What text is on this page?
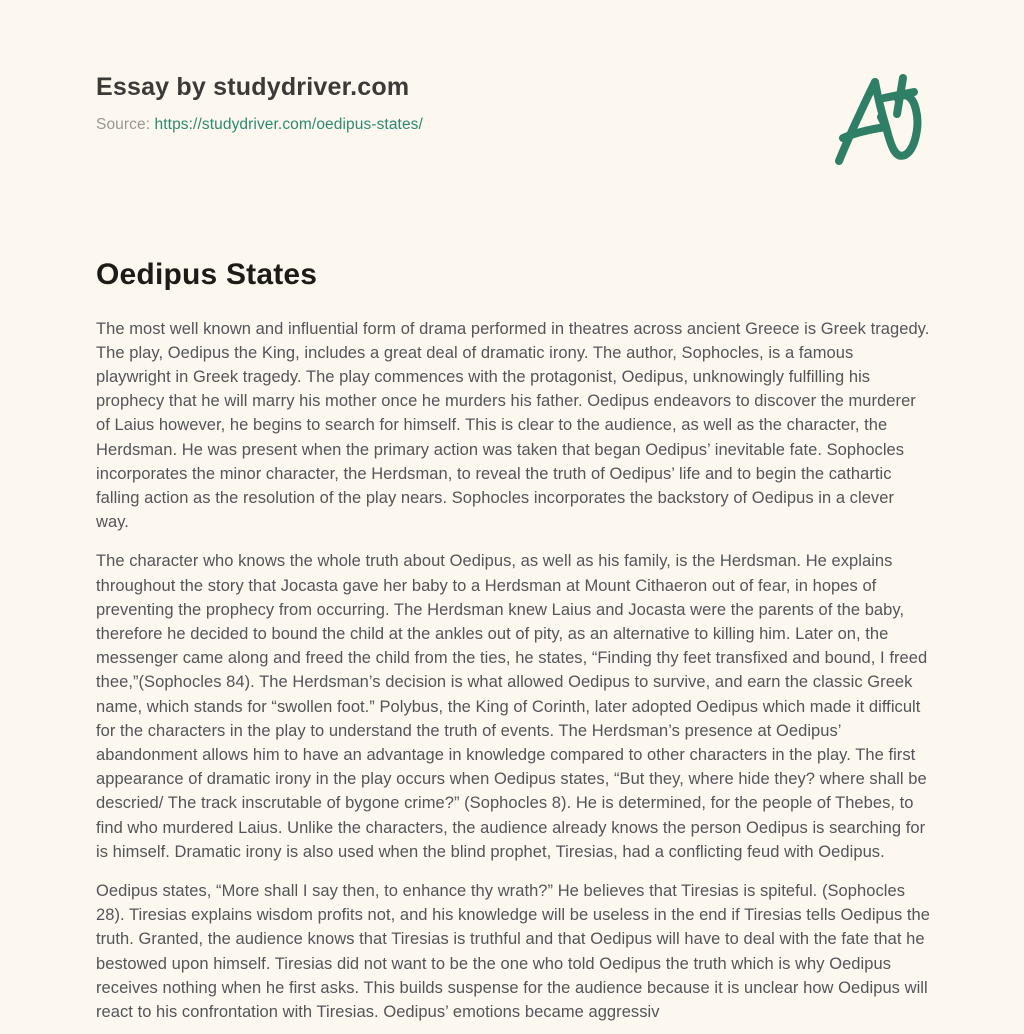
Essay by studydriver.com

Source: https://studydriver.com/oedipus-states/

Oedipus States

The most well known and influential form of drama performed in theatres across ancient Greece is Greek tragedy. The play, Oedipus the King, includes a great deal of dramatic irony. The author, Sophocles, is a famous playwright in Greek tragedy. The play commences with the protagonist, Oedipus, unknowingly fulfilling his prophecy that he will marry his mother once he murders his father. Oedipus endeavors to discover the murderer of Laius however, he begins to search for himself. This is clear to the audience, as well as the character, the Herdsman. He was present when the primary action was taken that began Oedipus’ inevitable fate. Sophocles incorporates the minor character, the Herdsman, to reveal the truth of Oedipus’ life and to begin the cathartic falling action as the resolution of the play nears. Sophocles incorporates the backstory of Oedipus in a clever way.

The character who knows the whole truth about Oedipus, as well as his family, is the Herdsman. He explains throughout the story that Jocasta gave her baby to a Herdsman at Mount Cithaeron out of fear, in hopes of preventing the prophecy from occurring. The Herdsman knew Laius and Jocasta were the parents of the baby, therefore he decided to bound the child at the ankles out of pity, as an alternative to killing him. Later on, the messenger came along and freed the child from the ties, he states, “Finding thy feet transfixed and bound, I freed thee,”(Sophocles 84). The Herdsman’s decision is what allowed Oedipus to survive, and earn the classic Greek name, which stands for “swollen foot.” Polybus, the King of Corinth, later adopted Oedipus which made it difficult for the characters in the play to understand the truth of events. The Herdsman’s presence at Oedipus’ abandonment allows him to have an advantage in knowledge compared to other characters in the play. The first appearance of dramatic irony in the play occurs when Oedipus states, “But they, where hide they? where shall be descried/ The track inscrutable of bygone crime?” (Sophocles 8). He is determined, for the people of Thebes, to find who murdered Laius. Unlike the characters, the audience already knows the person Oedipus is searching for is himself. Dramatic irony is also used when the blind prophet, Tiresias, had a conflicting feud with Oedipus.

Oedipus states, “More shall I say then, to enhance thy wrath?” He believes that Tiresias is spiteful. (Sophocles 28). Tiresias explains wisdom profits not, and his knowledge will be useless in the end if Tiresias tells Oedipus the truth. Granted, the audience knows that Tiresias is truthful and that Oedipus will have to deal with the fate that he bestowed upon himself. Tiresias did not want to be the one who told Oedipus the truth which is why Oedipus receives nothing when he first asks. This builds suspense for the audience because it is unclear how Oedipus will react to his confrontation with Tiresias. Oedipus’ emotions became aggressiv
